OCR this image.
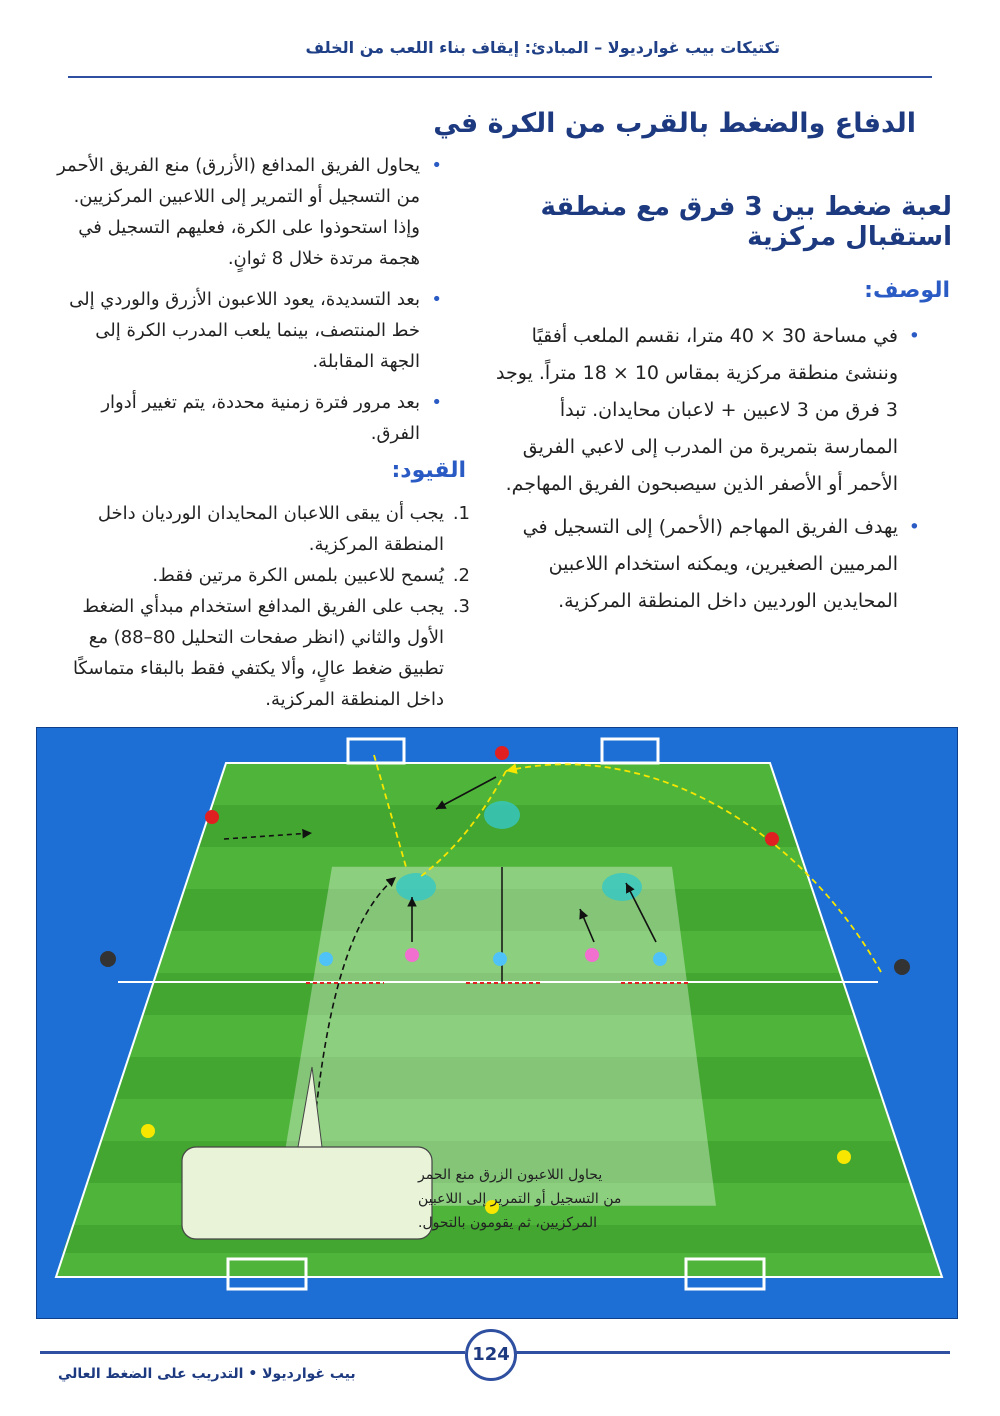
تكتيكات بيب غوارديولا – المبادئ: إيقاف بناء اللعب من الخلف
الدفاع والضغط بالقرب من الكرة في
لعبة ضغط بين 3 فرق مع منطقة استقبال مركزية
الوصف:
• في مساحة 30 × 40 مترا، نقسم الملعب أفقيًا وننشئ منطقة مركزية بمقاس 10 × 18 متراً. يوجد 3 فرق من 3 لاعبين + لاعبان محايدان. تبدأ الممارسة بتمريرة من المدرب إلى لاعبي الفريق الأحمر أو الأصفر الذين سيصبحون الفريق المهاجم.
• يهدف الفريق المهاجم (الأحمر) إلى التسجيل في المرميين الصغيرين، ويمكنه استخدام اللاعبين المحايدين الورديين داخل المنطقة المركزية.
• يحاول الفريق المدافع (الأزرق) منع الفريق الأحمر من التسجيل أو التمرير إلى اللاعبين المركزيين. وإذا استحوذوا على الكرة، فعليهم التسجيل في هجمة مرتدة خلال 8 ثوانٍ.
• بعد التسديدة، يعود اللاعبون الأزرق والوردي إلى خط المنتصف، بينما يلعب المدرب الكرة إلى الجهة المقابلة.
• بعد مرور فترة زمنية محددة، يتم تغيير أدوار الفرق.
القيود:
1.
يجب أن يبقى اللاعبان المحايدان الورديان داخل المنطقة المركزية.
2.
يُسمح للاعبين بلمس الكرة مرتين فقط.
3.
يجب على الفريق المدافع استخدام مبدأي الضغط الأول والثاني (انظر صفحات التحليل 80–88) مع تطبيق ضغط عالٍ، وألا يكتفي فقط بالبقاء متماسكًا داخل المنطقة المركزية.
يحاول اللاعبون الزرق منع الحمر
من التسجيل أو التمرير إلى اللاعبين
المركزيين، ثم يقومون بالتحول.
124
بيب غوارديولا • التدريب على الضغط العالي
